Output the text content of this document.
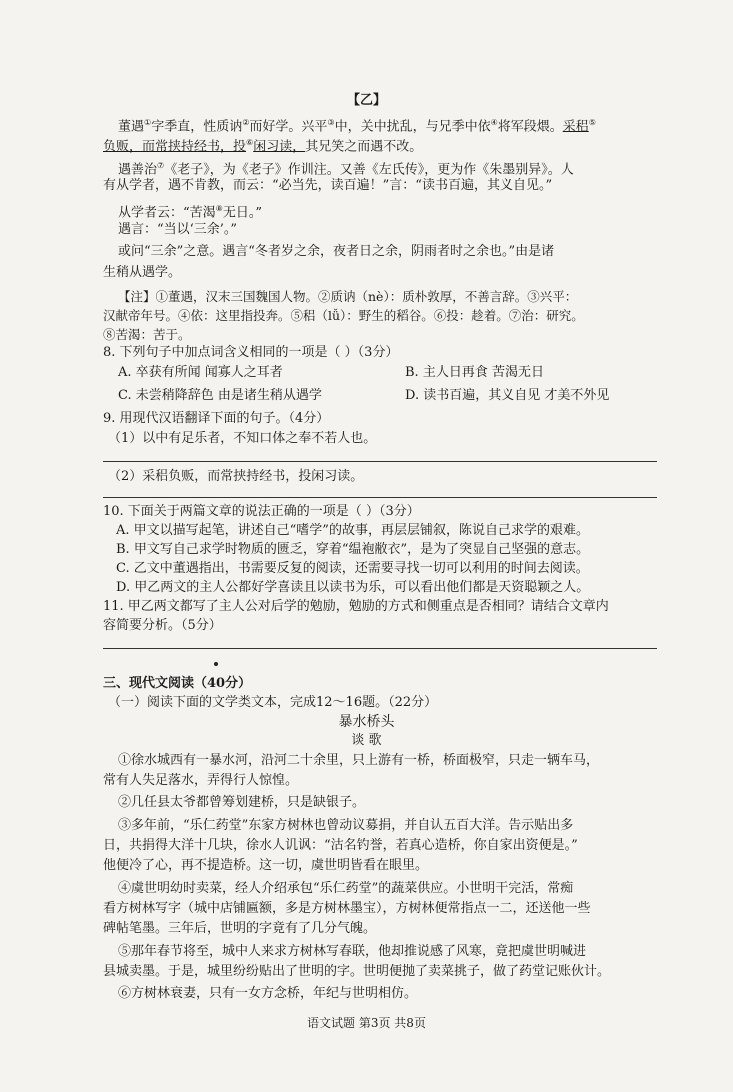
【乙】
董遇①字季直，性质讷②而好学。兴平③中，关中扰乱，与兄季中依④将军段煨。采稆⑤
负贩，而常挟持经书，投⑥闲习读，其兄笑之而遇不改。
遇善治⑦《老子》，为《老子》作训注。又善《左氏传》，更为作《朱墨别异》。人
有从学者，遇不肯教，而云：“必当先，读百遍！”言：“读书百遍，其义自见。”
从学者云：“苦渴⑧无日。”
遇言：“当以‘三余’。”
或问“三余”之意。遇言“冬者岁之余，夜者日之余，阴雨者时之余也。”由是诸
生稍从遇学。
【注】①董遇，汉末三国魏国人物。②质讷（nè）：质朴敦厚，不善言辞。③兴平：
汉献帝年号。④依：这里指投奔。⑤稆（lǚ）：野生的稻谷。⑥投：趁着。⑦治：研究。
⑧苦渴：苦于。
8. 下列句子中加点词含义相同的一项是（ ）（3分）
A. 卒获有所闻 闻寡人之耳者	B. 主人日再食 苦渴无日
C. 未尝稍降辞色 由是诸生稍从遇学	D. 读书百遍，其义自见 才美不外见
9. 用现代汉语翻译下面的句子。（4分）
（1）以中有足乐者，不知口体之奉不若人也。
（2）采稆负贩，而常挟持经书，投闲习读。
10. 下面关于两篇文章的说法正确的一项是（ ）（3分）
A. 甲文以描写起笔，讲述自己“嗜学”的故事，再层层铺叙，陈说自己求学的艰难。
B. 甲文写自己求学时物质的匮乏，穿着“缊袍敝衣”，是为了突显自己坚强的意志。
C. 乙文中董遇指出，书需要反复的阅读，还需要寻找一切可以利用的时间去阅读。
D. 甲乙两文的主人公都好学喜读且以读书为乐，可以看出他们都是天资聪颖之人。
11. 甲乙两文都写了主人公对后学的勉励，勉励的方式和侧重点是否相同？请结合文章内
容简要分析。（5分）
三、现代文阅读（40分）
（一）阅读下面的文学类文本，完成12～16题。（22分）
暴水桥头
谈 歌
①徐水城西有一暴水河，沿河二十余里，只上游有一桥，桥面极窄，只走一辆车马，
常有人失足落水，弄得行人惊惶。
②几任县太爷都曾筹划建桥，只是缺银子。
③多年前，“乐仁药堂”东家方树林也曾动议募捐，并自认五百大洋。告示贴出多
日，共捐得大洋十几块，徐水人讥讽：“沽名钓誉，若真心造桥，你自家出资便是。”
他便冷了心，再不提造桥。这一切，虞世明皆看在眼里。
④虞世明幼时卖菜，经人介绍承包“乐仁药堂”的蔬菜供应。小世明干完活，常痴
看方树林写字（城中店铺匾额，多是方树林墨宝），方树林便常指点一二，还送他一些
碑帖笔墨。三年后，世明的字竟有了几分气魄。
⑤那年春节将至，城中人来求方树林写春联，他却推说感了风寒，竟把虞世明喊进
县城卖墨。于是，城里纷纷贴出了世明的字。世明便抛了卖菜挑子，做了药堂记账伙计。
⑥方树林衰妻，只有一女方念桥，年纪与世明相仿。
语文试题 第3页 共8页
